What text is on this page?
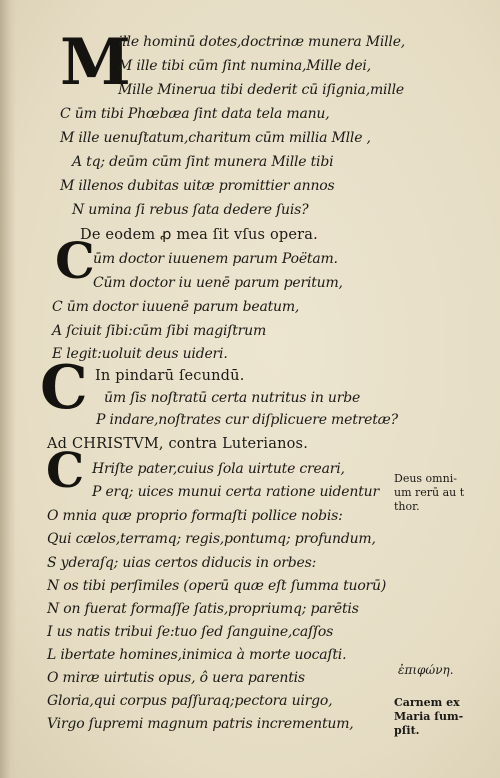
M
ille hominū dotes,doctrinæ munera Mille,
M ille tibi cūm ſint numina,Mille dei,
Mille Minerua tibi dederit cū iſignia,mille
C ūm tibi Phœbæa ſint data tela manu,
M ille uenuſtatum,charitum cūm millia Mlle ,
A tq; deūm cūm ſint munera Mille tibi
M illenos dubitas uitæ promittier annos
N umina ſi rebus ſata dedere ſuis?
De eodem ꝓ mea ſit vſus opera.
C
ūm doctor iuuenem parum Poëtam.
Cūm doctor iu uenē parum peritum,
C ūm doctor iuuenē parum beatum,
A ſciuit ſibi:cūm ſibi magiſtrum
E legit:uoluit deus uideri.
C In pindarū ſecundū.
ūm ſis noſtratū certa nutritus in urbe
P indare,noſtrates cur diſplicuere metretæ?
Ad CHRISTVM, contra Luterianos.
C Hriſte pater,cuius ſola uirtute creari,
P erq; uices munui certa ratione uidentur
O mnia quæ proprio formaſti pollice nobis:
Qui cælos,terramq; regis,pontumq; profundum,
S yderaſq; uias certos diducis in orbes:
N os tibi perſimiles (operū quæ eſt ſumma tuorū)
N on fuerat formaſſe ſatis,propriumq; parētis
I us natis tribui ſe:tuo ſed ſanguine,caſſos
L ibertate homines,inimica à morte uocaſti.
O miræ uirtutis opus, ô uera parentis
Gloria,qui corpus paſſuraq;pectora uirgo,
Virgo ſupremi magnum patris incrementum,
Deus omni-
um rerū au t
thor.
ἐπιφώνη.
Carnem ex
Maria ſum-
pſit.
